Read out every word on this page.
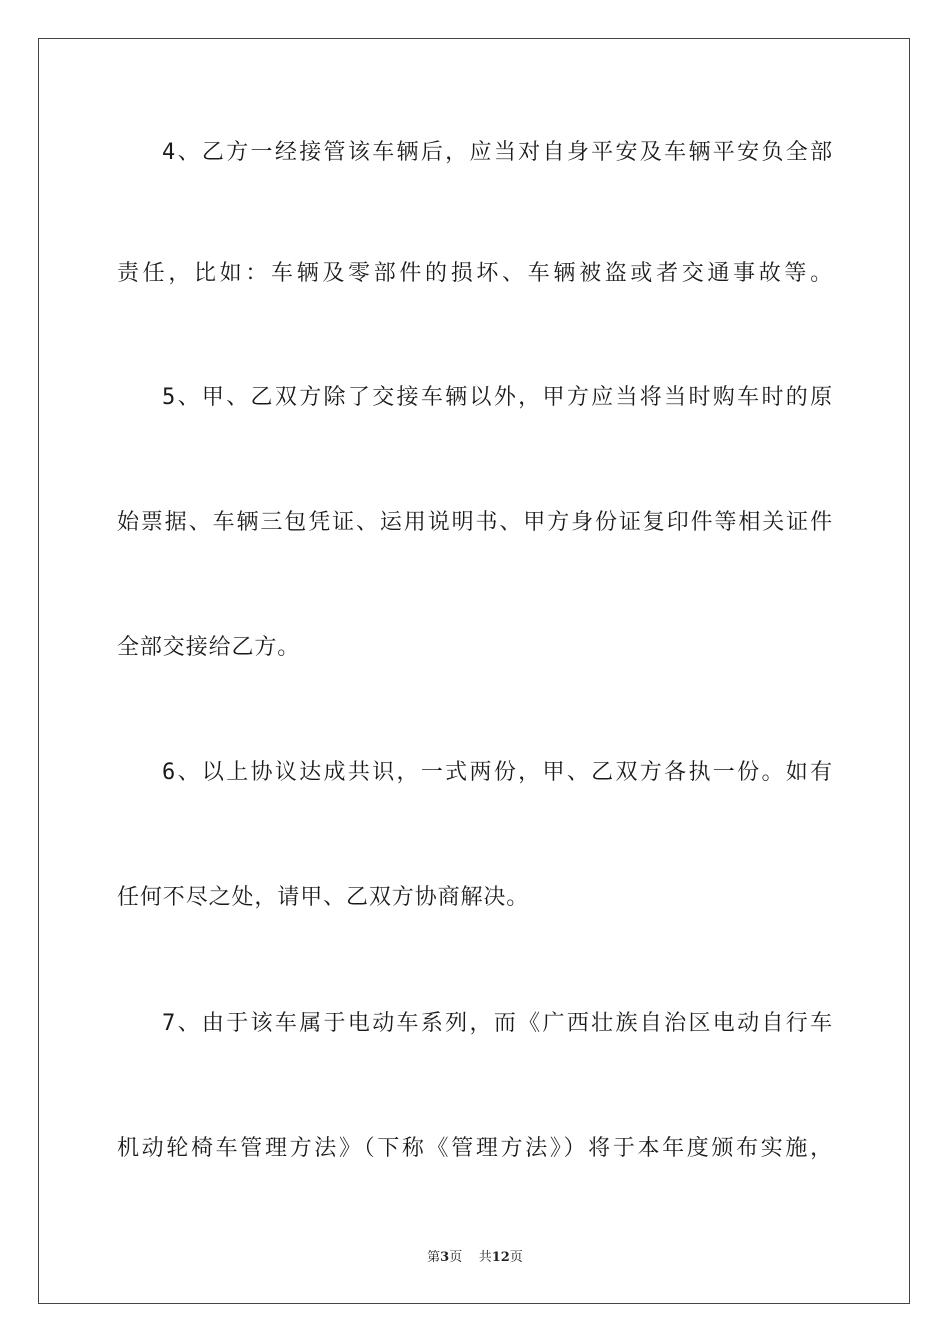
4、乙方一经接管该车辆后，应当对自身平安及车辆平安负全部
责任，比如：车辆及零部件的损坏、车辆被盗或者交通事故等。
5、甲、乙双方除了交接车辆以外，甲方应当将当时购车时的原
始票据、车辆三包凭证、运用说明书、甲方身份证复印件等相关证件
全部交接给乙方。
6、以上协议达成共识，一式两份，甲、乙双方各执一份。如有
任何不尽之处，请甲、乙双方协商解决。
7、由于该车属于电动车系列，而《广西壮族自治区电动自行车
机动轮椅车管理方法》（下称《管理方法》）将于本年度颁布实施，
第3页 共12页
